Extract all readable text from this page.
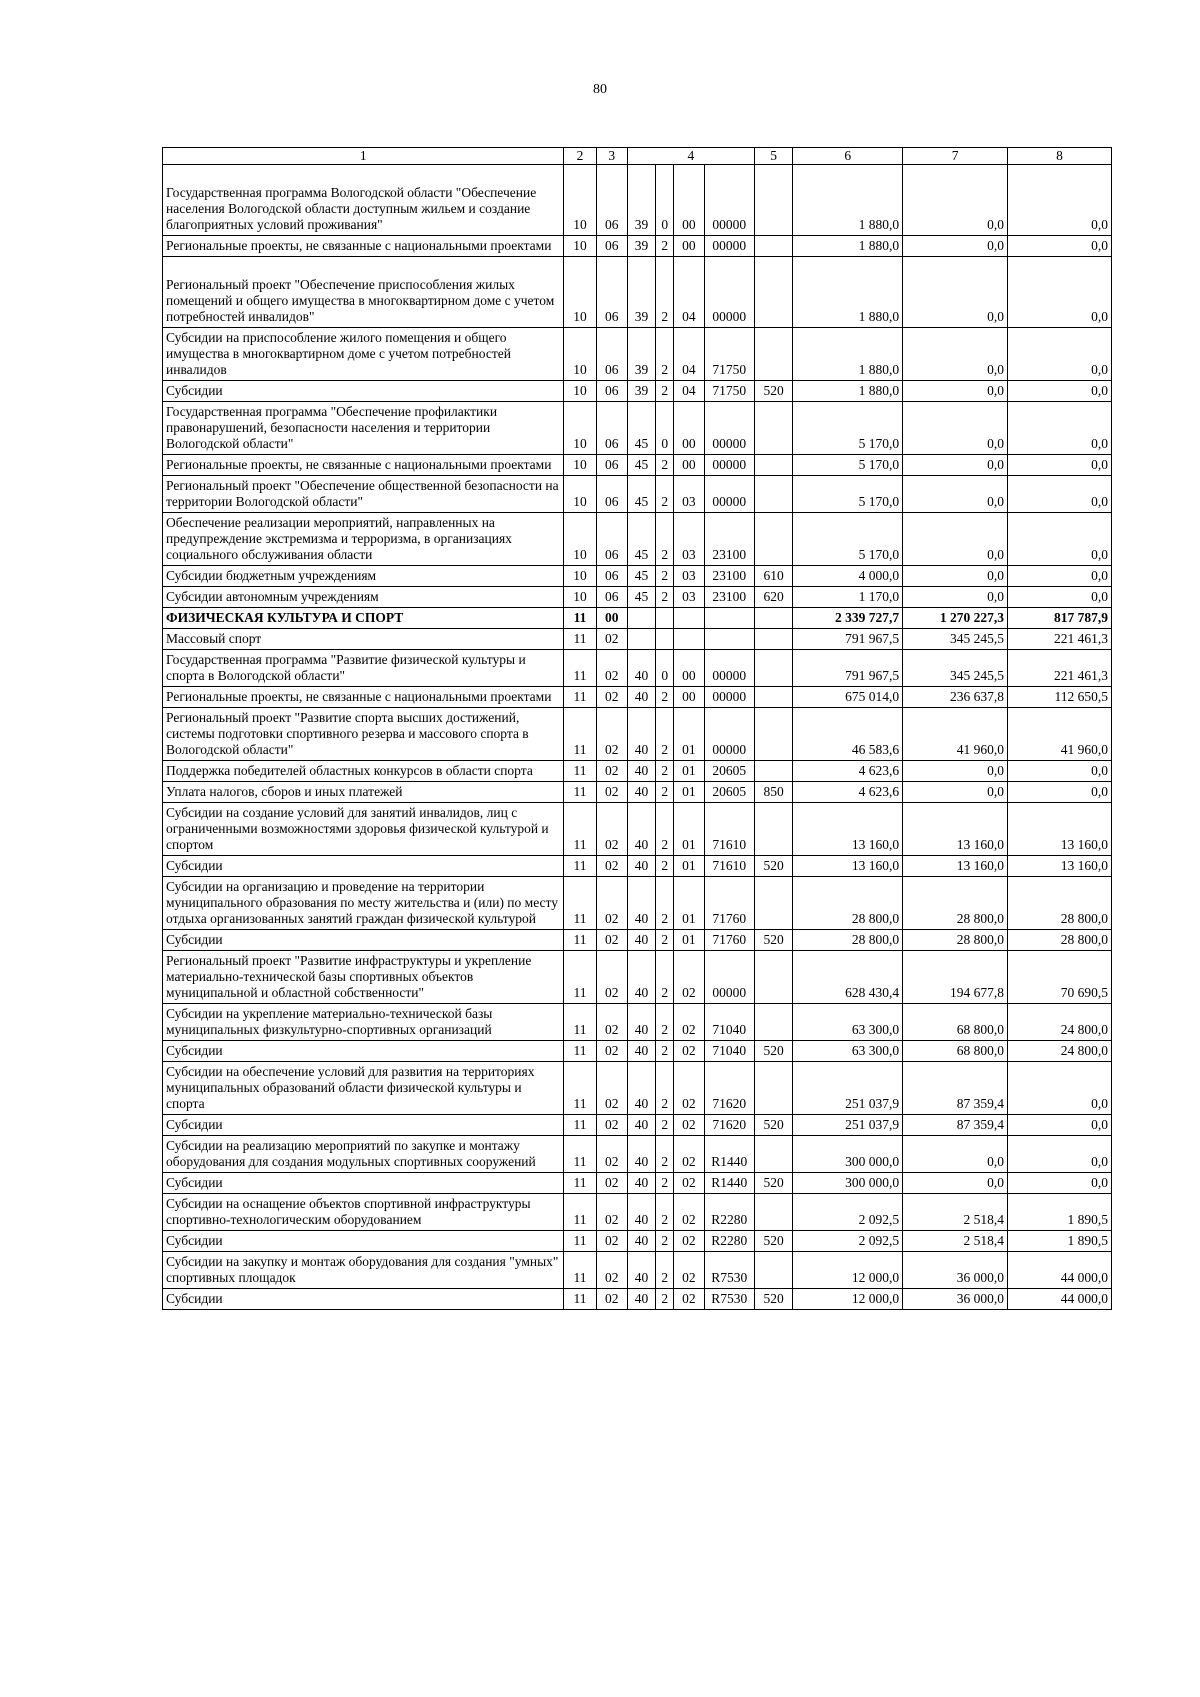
80
1	2	3	4				5	6	7	8
Государственная программа Вологодской области "Обеспечение населения Вологодской области доступным жильем и создание благоприятных условий проживания"	10	06	39	0	00	00000		1 880,0	0,0	0,0
Региональные проекты, не связанные с национальными проектами	10	06	39	2	00	00000		1 880,0	0,0	0,0
Региональный проект "Обеспечение приспособления жилых помещений и общего имущества в многоквартирном доме с учетом потребностей инвалидов"	10	06	39	2	04	00000		1 880,0	0,0	0,0
Субсидии на приспособление жилого помещения и общего имущества в многоквартирном доме с учетом потребностей инвалидов	10	06	39	2	04	71750		1 880,0	0,0	0,0
Субсидии	10	06	39	2	04	71750	520	1 880,0	0,0	0,0
Государственная программа "Обеспечение профилактики правонарушений, безопасности населения и территории Вологодской области"	10	06	45	0	00	00000		5 170,0	0,0	0,0
Региональные проекты, не связанные с национальными проектами	10	06	45	2	00	00000		5 170,0	0,0	0,0
Региональный проект "Обеспечение общественной безопасности на территории Вологодской области"	10	06	45	2	03	00000		5 170,0	0,0	0,0
Обеспечение реализации мероприятий, направленных на предупреждение экстремизма и терроризма, в организациях социального обслуживания области	10	06	45	2	03	23100		5 170,0	0,0	0,0
Субсидии бюджетным учреждениям	10	06	45	2	03	23100	610	4 000,0	0,0	0,0
Субсидии автономным учреждениям	10	06	45	2	03	23100	620	1 170,0	0,0	0,0
ФИЗИЧЕСКАЯ КУЛЬТУРА И СПОРТ	11	00						2 339 727,7	1 270 227,3	817 787,9
Массовый спорт	11	02						791 967,5	345 245,5	221 461,3
Государственная программа "Развитие физической культуры и спорта в Вологодской области"	11	02	40	0	00	00000		791 967,5	345 245,5	221 461,3
Региональные проекты, не связанные с национальными проектами	11	02	40	2	00	00000		675 014,0	236 637,8	112 650,5
Региональный проект "Развитие спорта высших достижений, системы подготовки спортивного резерва и массового спорта в Вологодской области"	11	02	40	2	01	00000		46 583,6	41 960,0	41 960,0
Поддержка победителей областных конкурсов в области спорта	11	02	40	2	01	20605		4 623,6	0,0	0,0
Уплата налогов, сборов и иных платежей	11	02	40	2	01	20605	850	4 623,6	0,0	0,0
Субсидии на создание условий для занятий инвалидов, лиц с ограниченными возможностями здоровья физической культурой и спортом	11	02	40	2	01	71610		13 160,0	13 160,0	13 160,0
Субсидии	11	02	40	2	01	71610	520	13 160,0	13 160,0	13 160,0
Субсидии на организацию и проведение на территории муниципального образования по месту жительства и (или) по месту отдыха организованных занятий граждан физической культурой	11	02	40	2	01	71760		28 800,0	28 800,0	28 800,0
Субсидии	11	02	40	2	01	71760	520	28 800,0	28 800,0	28 800,0
Региональный проект "Развитие инфраструктуры и укрепление материально-технической базы спортивных объектов муниципальной и областной собственности"	11	02	40	2	02	00000		628 430,4	194 677,8	70 690,5
Субсидии на укрепление материально-технической базы муниципальных физкультурно-спортивных организаций	11	02	40	2	02	71040		63 300,0	68 800,0	24 800,0
Субсидии	11	02	40	2	02	71040	520	63 300,0	68 800,0	24 800,0
Субсидии на обеспечение условий для развития на территориях муниципальных образований области физической культуры и спорта	11	02	40	2	02	71620		251 037,9	87 359,4	0,0
Субсидии	11	02	40	2	02	71620	520	251 037,9	87 359,4	0,0
Субсидии на реализацию мероприятий по закупке и монтажу оборудования для создания модульных спортивных сооружений	11	02	40	2	02	R1440		300 000,0	0,0	0,0
Субсидии	11	02	40	2	02	R1440	520	300 000,0	0,0	0,0
Субсидии на оснащение объектов спортивной инфраструктуры спортивно-технологическим оборудованием	11	02	40	2	02	R2280		2 092,5	2 518,4	1 890,5
Субсидии	11	02	40	2	02	R2280	520	2 092,5	2 518,4	1 890,5
Субсидии на закупку и монтаж оборудования для создания "умных" спортивных площадок	11	02	40	2	02	R7530		12 000,0	36 000,0	44 000,0
Субсидии	11	02	40	2	02	R7530	520	12 000,0	36 000,0	44 000,0
